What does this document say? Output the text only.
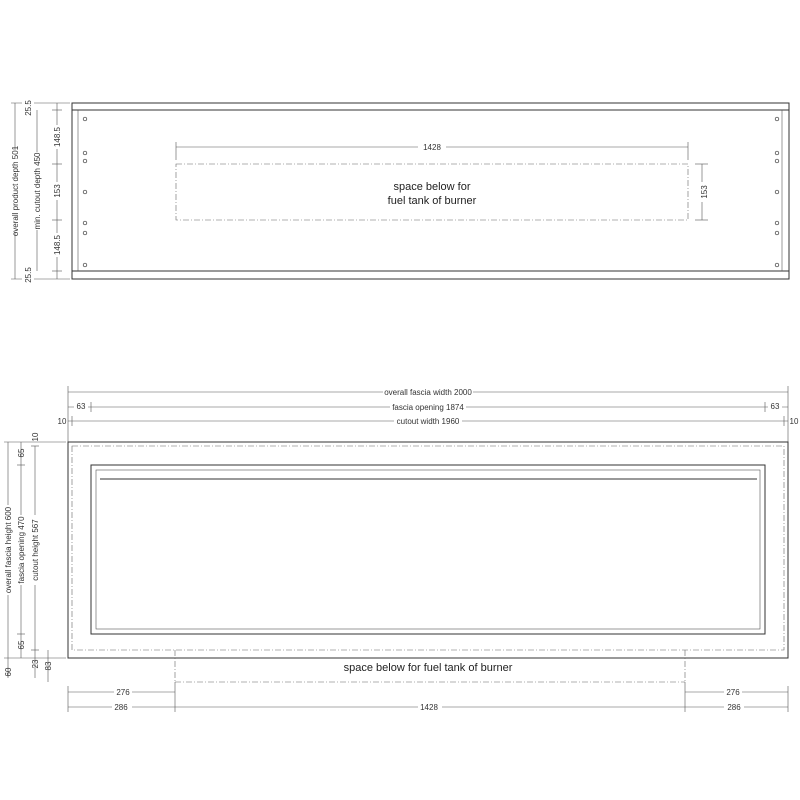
1428
153
space below for
fuel tank of burner
overall product depth 501 min. cutout depth 450
25.5
148.5
153
148.5
25.5
overall fascia width 2000
fascia opening 1874
63	63
cutout width 1960
10	10
space below for fuel tank of burner
276	276
286	1428	286
overall fascia height 600 fascia opening 470
65
65
cutout height 567
10
23 83
60
